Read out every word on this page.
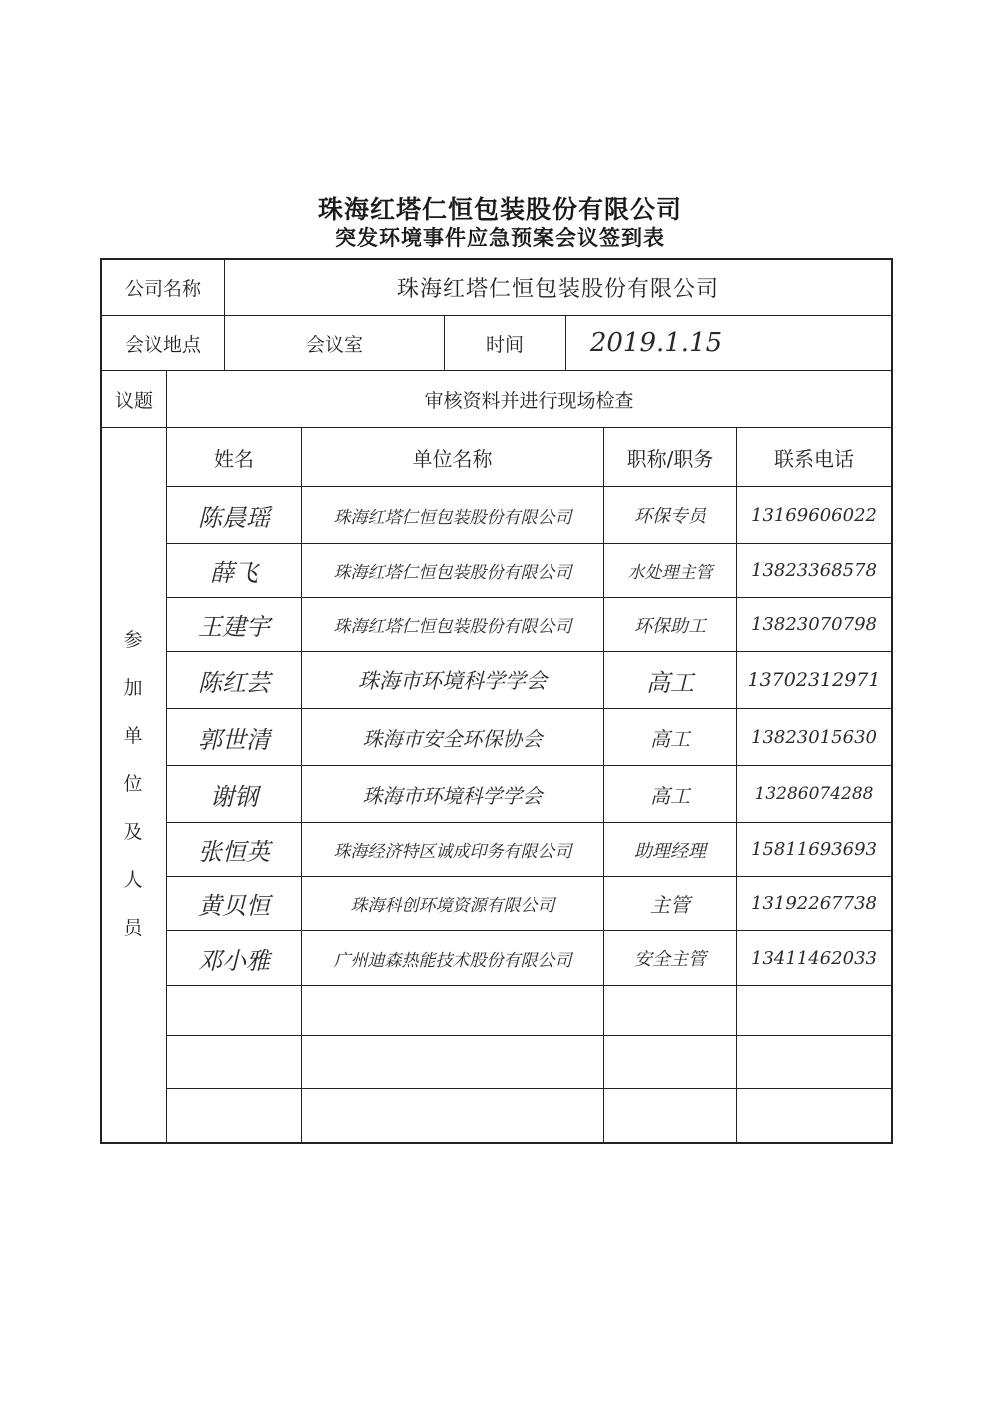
珠海红塔仁恒包装股份有限公司
突发环境事件应急预案会议签到表
公司名称	珠海红塔仁恒包装股份有限公司
会议地点	会议室	时间	2019.1.15
议题	审核资料并进行现场检查
参
加
单
位
及
人
员
姓名	单位名称	职称/职务	联系电话
陈晨瑶	珠海红塔仁恒包装股份有限公司	环保专员	13169606022
薛飞	珠海红塔仁恒包装股份有限公司	水处理主管	13823368578
王建宇	珠海红塔仁恒包装股份有限公司	环保助工	13823070798
陈红芸	珠海市环境科学学会	高工	13702312971
郭世清	珠海市安全环保协会	高工	13823015630
谢钢	珠海市环境科学学会	高工	13286074288
张恒英	珠海经济特区诚成印务有限公司	助理经理	15811693693
黄贝恒	珠海科创环境资源有限公司	主管	13192267738
邓小雅	广州迪森热能技术股份有限公司	安全主管	13411462033
